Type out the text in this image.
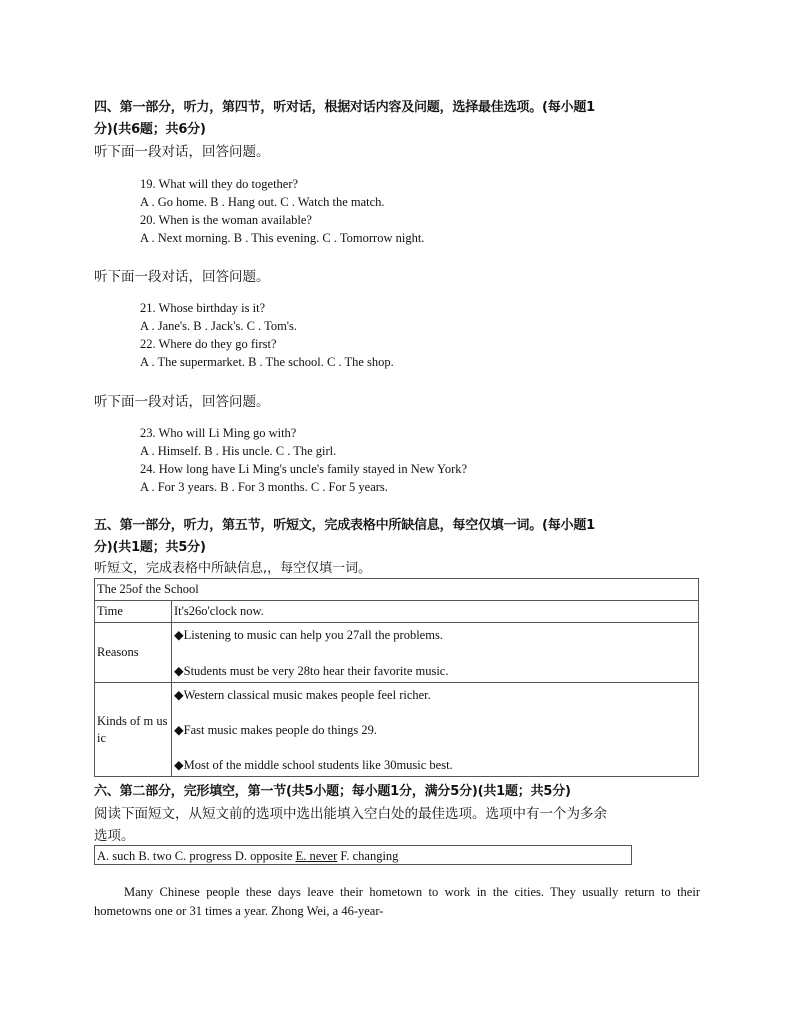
四、第一部分，听力，第四节，听对话，根据对话内容及问题，选择最佳选项。(每小题1
分)(共6题；共6分)
听下面一段对话，回答问题。
19. What will they do together?
A . Go home. B . Hang out. C . Watch the match.
20. When is the woman available?
A . Next morning. B . This evening. C . Tomorrow night.
听下面一段对话，回答问题。
21. Whose birthday is it?
A . Jane's. B . Jack's. C . Tom's.
22. Where do they go first?
A . The supermarket. B . The school. C . The shop.
听下面一段对话，回答问题。
23. Who will Li Ming go with?
A . Himself. B . His uncle. C . The girl.
24. How long have Li Ming's uncle's family stayed in New York?
A . For 3 years. B . For 3 months. C . For 5 years.
五、第一部分，听力，第五节，听短文，完成表格中所缺信息，每空仅填一词。(每小题1
分)(共1题；共5分)
听短文，完成表格中所缺信息,，每空仅填一词。
The 25of the School	
Time	It's26o'clock now.
Reasons	◆Listening to music can help you 27all the problems.
◆Students must be very 28to hear their favorite music.

Kinds of m usic	◆Western classical music makes people feel richer.
◆Fast music makes people do things 29.
◆Most of the middle school students like 30music best.
六、第二部分，完形填空，第一节(共5小题；每小题1分，满分5分)(共1题；共5分)
阅读下面短文，从短文前的选项中选出能填入空白处的最佳选项。选项中有一个为多余
选项。
A. such B. two C. progress D. opposite E. never F. changing
Many Chinese people these days leave their hometown to work in the cities. They usually return to their hometowns one or 31 times a year. Zhong Wei, a 46-year-
